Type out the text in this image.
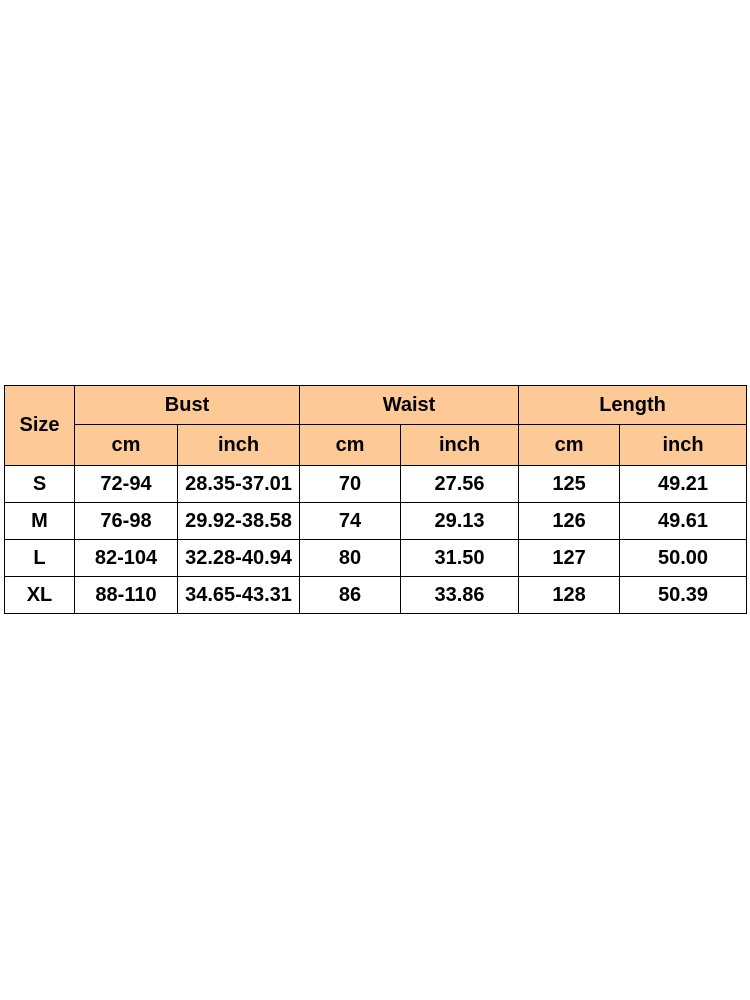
Size	Bust		Waist		Length	
	cm	inch	cm	inch	cm	inch
S	72-94	28.35-37.01	70	27.56	125	49.21
M	76-98	29.92-38.58	74	29.13	126	49.61
L	82-104	32.28-40.94	80	31.50	127	50.00
XL	88-110	34.65-43.31	86	33.86	128	50.39
